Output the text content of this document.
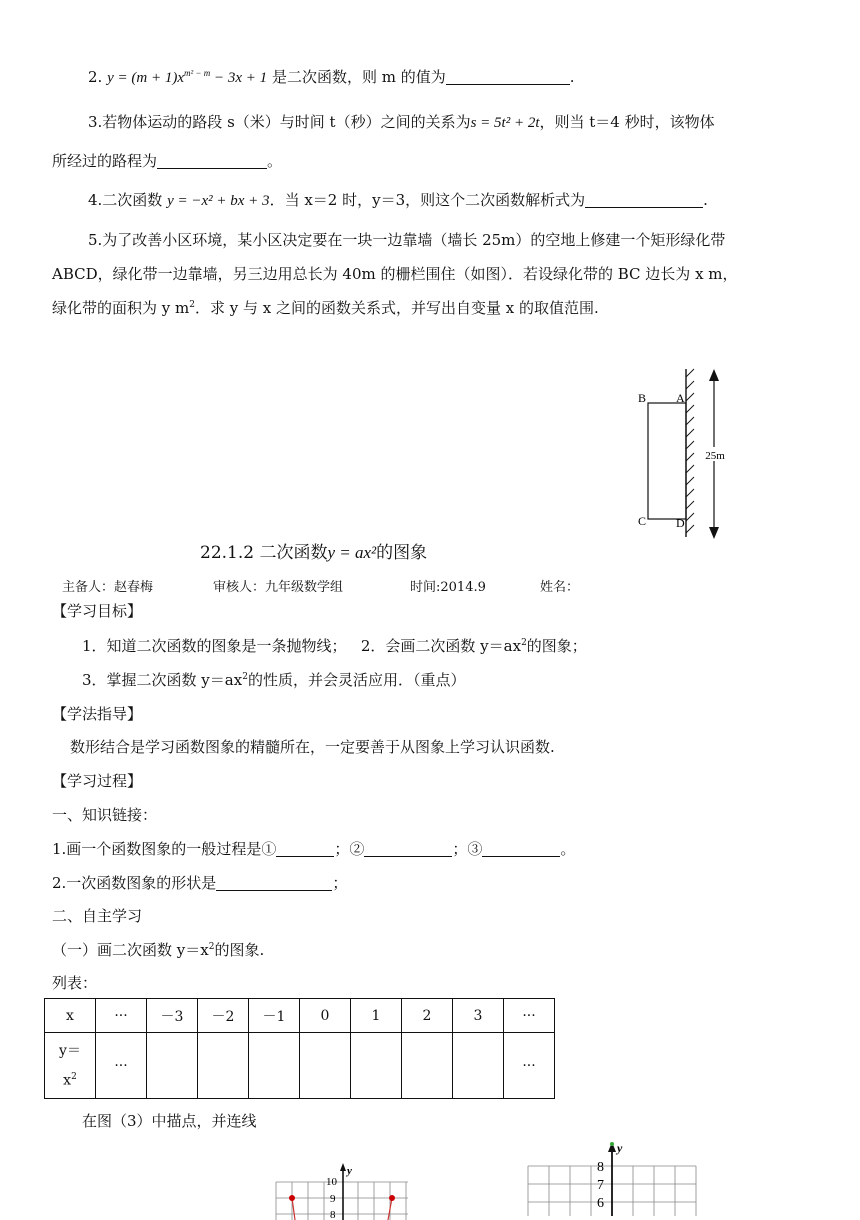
2. $y = (m + 1)x^{m^2 - m} - 3x + 1$ 是二次函数，则 m 的值为	.
3.若物体运动的路段 s（米）与时间 t（秒）之间的关系为s = 5t² + 2t，则当 t＝4 秒时，该物体
所经过的路程为	。
4.二次函数 y = −x² + bx + 3．当 x＝2 时，y＝3，则这个二次函数解析式为	.
5.为了改善小区环境，某小区决定要在一块一边靠墙（墙长 25m）的空地上修建一个矩形绿化带
ABCD，绿化带一边靠墙，另三边用总长为 40m 的栅栏围住（如图）．若设绿化带的 BC 边长为 x m，
绿化带的面积为 y $m^2$．求 y 与 x 之间的函数关系式，并写出自变量 x 的取值范围.
25m
B A
C D
22.1.2 二次函数y = ax²的图象
主备人：赵春梅	审核人：九年级数学组	时间:2014.9	姓名：
【学习目标】
1．知道二次函数的图象是一条抛物线； 2．会画二次函数 $y=ax^2$的图象；
3．掌握二次函数 $y=ax^2$的性质，并会灵活应用．（重点）
【学法指导】
数形结合是学习函数图象的精髓所在，一定要善于从图象上学习认识函数.
【学习过程】
一、知识链接：
1.画一个函数图象的一般过程是①	；②	；③	。
2.一次函数图象的形状是	；
二、自主学习
（一）画二次函数 $y=x^2$的图象.
列表：
x	···	－3	－2	－1	0	1	2	3	···
y＝
$x^2$	···								···
在图（3）中描点，并连线
y
10
9
8
y
8
7
6
